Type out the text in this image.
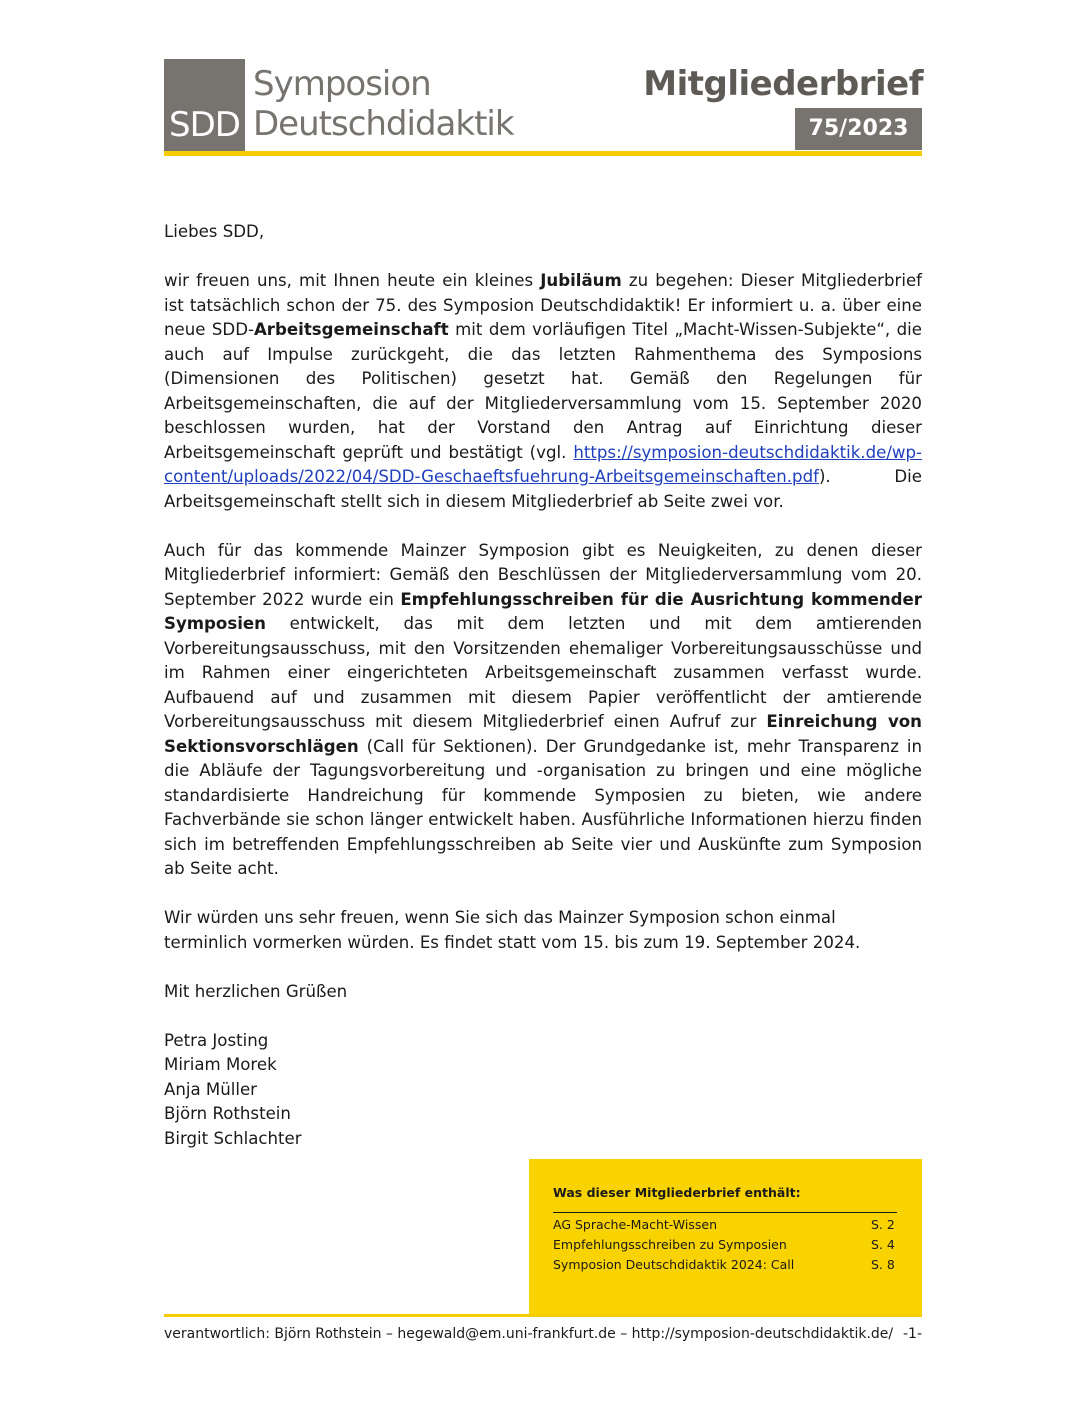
SDD
Symposion
Deutschdidaktik
Mitgliederbrief
75/2023

Liebes SDD,

wir freuen uns, mit Ihnen heute ein kleines Jubiläum zu begehen: Dieser Mitgliederbrief ist tatsächlich schon der 75. des Symposion Deutschdidaktik! Er informiert u. a. über eine neue SDD-Arbeitsgemeinschaft mit dem vorläufigen Titel „Macht-Wissen-Subjekte“, die auch auf Impulse zurückgeht, die das letzten Rahmenthema des Symposions (Dimensionen des Politischen) gesetzt hat. Gemäß den Regelungen für Arbeitsgemeinschaften, die auf der Mitgliederversammlung vom 15. September 2020 beschlossen wurden, hat der Vorstand den Antrag auf Einrichtung dieser Arbeitsgemeinschaft geprüft und bestätigt (vgl. https://symposion-deutschdidaktik.de/wp-content/uploads/2022/04/SDD-Geschaeftsfuehrung-Arbeitsgemeinschaften.pdf). Die Arbeitsgemeinschaft stellt sich in diesem Mitgliederbrief ab Seite zwei vor.

Auch für das kommende Mainzer Symposion gibt es Neuigkeiten, zu denen dieser Mitgliederbrief informiert: Gemäß den Beschlüssen der Mitgliederversammlung vom 20. September 2022 wurde ein Empfehlungsschreiben für die Ausrichtung kommender Symposien entwickelt, das mit dem letzten und mit dem amtierenden Vorbereitungsausschuss, mit den Vorsitzenden ehemaliger Vorbereitungsausschüsse und im Rahmen einer eingerichteten Arbeitsgemeinschaft zusammen verfasst wurde. Aufbauend auf und zusammen mit diesem Papier veröffentlicht der amtierende Vorbereitungsausschuss mit diesem Mitgliederbrief einen Aufruf zur Einreichung von Sektionsvorschlägen (Call für Sektionen). Der Grundgedanke ist, mehr Transparenz in die Abläufe der Tagungsvorbereitung und -organisation zu bringen und eine mögliche standardisierte Handreichung für kommende Symposien zu bieten, wie andere Fachverbände sie schon länger entwickelt haben. Ausführliche Informationen hierzu finden sich im betreffenden Empfehlungsschreiben ab Seite vier und Auskünfte zum Symposion ab Seite acht.

Wir würden uns sehr freuen, wenn Sie sich das Mainzer Symposion schon einmal terminlich vormerken würden. Es findet statt vom 15. bis zum 19. September 2024.

Mit herzlichen Grüßen

Petra Josting
Miriam Morek
Anja Müller
Björn Rothstein
Birgit Schlachter
Was dieser Mitgliederbrief enthält:
AG Sprache-Macht-Wissen	S. 2
Empfehlungsschreiben zu Symposien	S. 4
Symposion Deutschdidaktik 2024: Call	S. 8
verantwortlich: Björn Rothstein – hegewald@em.uni-frankfurt.de – http://symposion-deutschdidaktik.de/ -1-
